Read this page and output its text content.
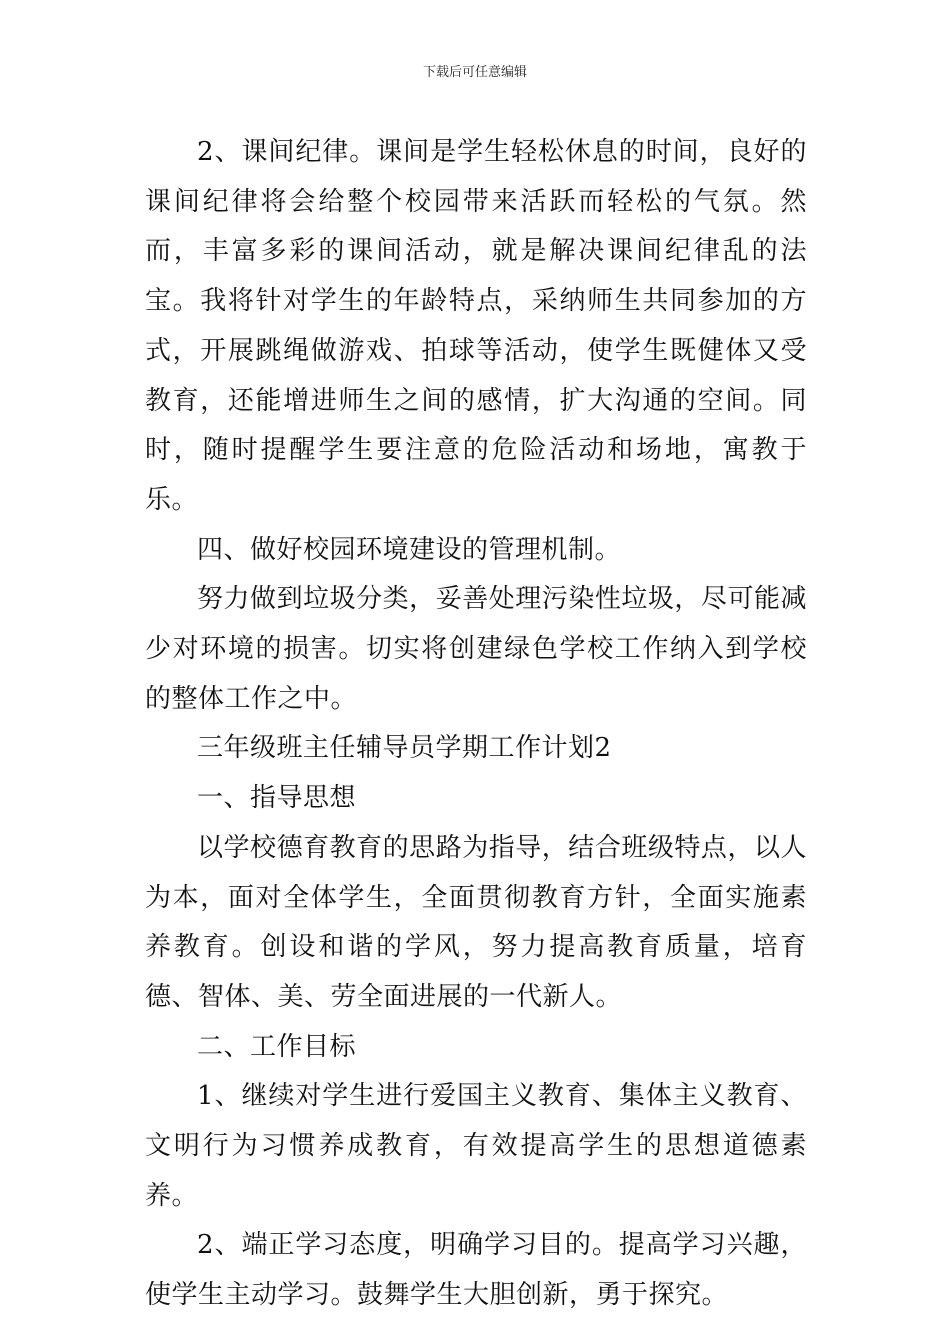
下载后可任意编辑

2、课间纪律。课间是学生轻松休息的时间，良好的课间纪律将会给整个校园带来活跃而轻松的气氛。然而，丰富多彩的课间活动，就是解决课间纪律乱的法宝。我将针对学生的年龄特点，采纳师生共同参加的方式，开展跳绳做游戏、拍球等活动，使学生既健体又受教育，还能增进师生之间的感情，扩大沟通的空间。同时，随时提醒学生要注意的危险活动和场地，寓教于乐。

四、做好校园环境建设的管理机制。

努力做到垃圾分类，妥善处理污染性垃圾，尽可能减少对环境的损害。切实将创建绿色学校工作纳入到学校的整体工作之中。

三年级班主任辅导员学期工作计划2

一、指导思想

以学校德育教育的思路为指导，结合班级特点，以人为本，面对全体学生，全面贯彻教育方针，全面实施素养教育。创设和谐的学风，努力提高教育质量，培育德、智体、美、劳全面进展的一代新人。

二、工作目标

1、继续对学生进行爱国主义教育、集体主义教育、文明行为习惯养成教育，有效提高学生的思想道德素养。

2、端正学习态度，明确学习目的。提高学习兴趣，使学生主动学习。鼓舞学生大胆创新，勇于探究。
